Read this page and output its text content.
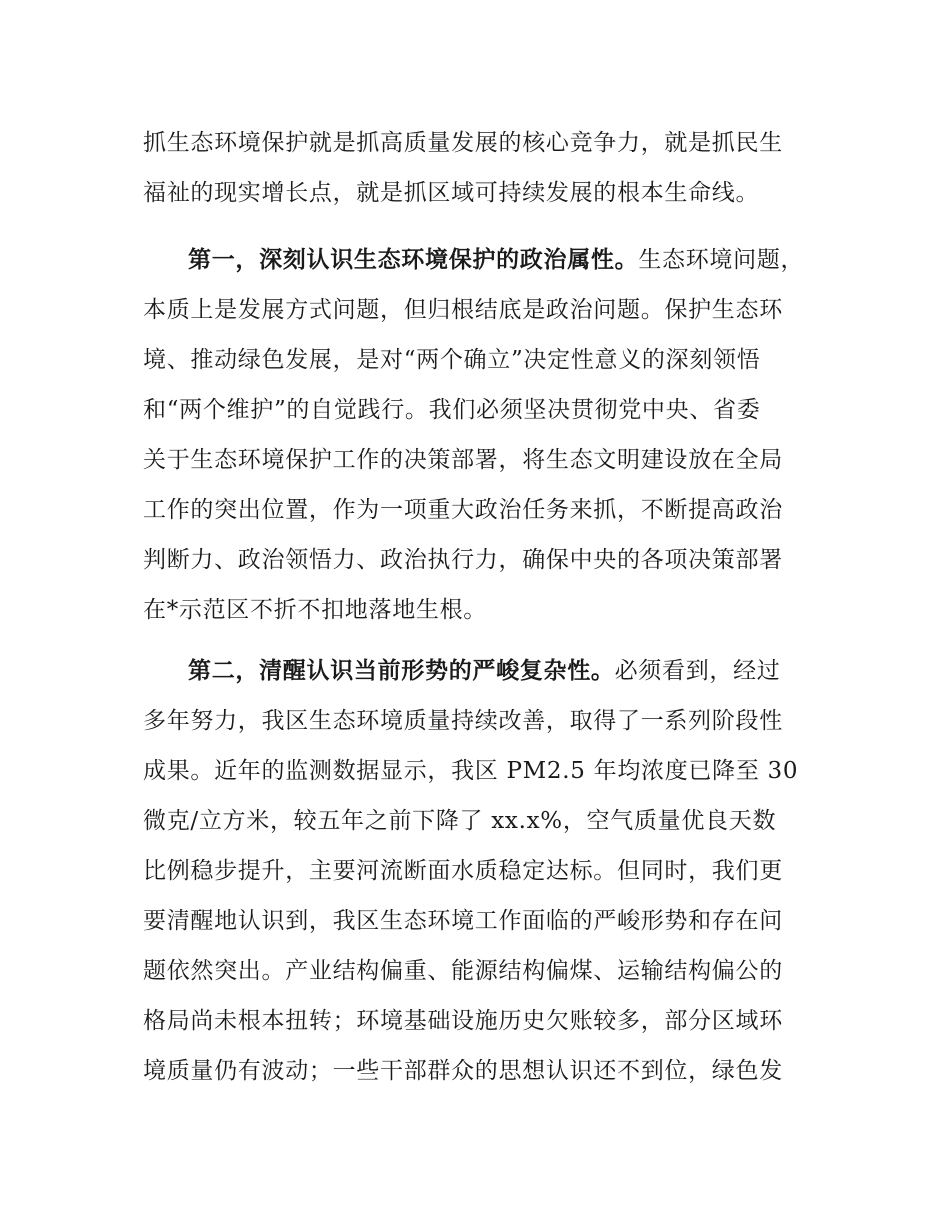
抓生态环境保护就是抓高质量发展的核心竞争力，就是抓民生
福祉的现实增长点，就是抓区域可持续发展的根本生命线。
第一，深刻认识生态环境保护的政治属性。生态环境问题，
本质上是发展方式问题，但归根结底是政治问题。保护生态环
境、推动绿色发展，是对“两个确立”决定性意义的深刻领悟
和“两个维护”的自觉践行。我们必须坚决贯彻党中央、省委
关于生态环境保护工作的决策部署，将生态文明建设放在全局
工作的突出位置，作为一项重大政治任务来抓，不断提高政治
判断力、政治领悟力、政治执行力，确保中央的各项决策部署
在*示范区不折不扣地落地生根。
第二，清醒认识当前形势的严峻复杂性。必须看到，经过
多年努力，我区生态环境质量持续改善，取得了一系列阶段性
成果。近年的监测数据显示，我区 PM2.5 年均浓度已降至 30
微克/立方米，较五年之前下降了 xx.x%，空气质量优良天数
比例稳步提升，主要河流断面水质稳定达标。但同时，我们更
要清醒地认识到，我区生态环境工作面临的严峻形势和存在问
题依然突出。产业结构偏重、能源结构偏煤、运输结构偏公的
格局尚未根本扭转；环境基础设施历史欠账较多，部分区域环
境质量仍有波动；一些干部群众的思想认识还不到位，绿色发
